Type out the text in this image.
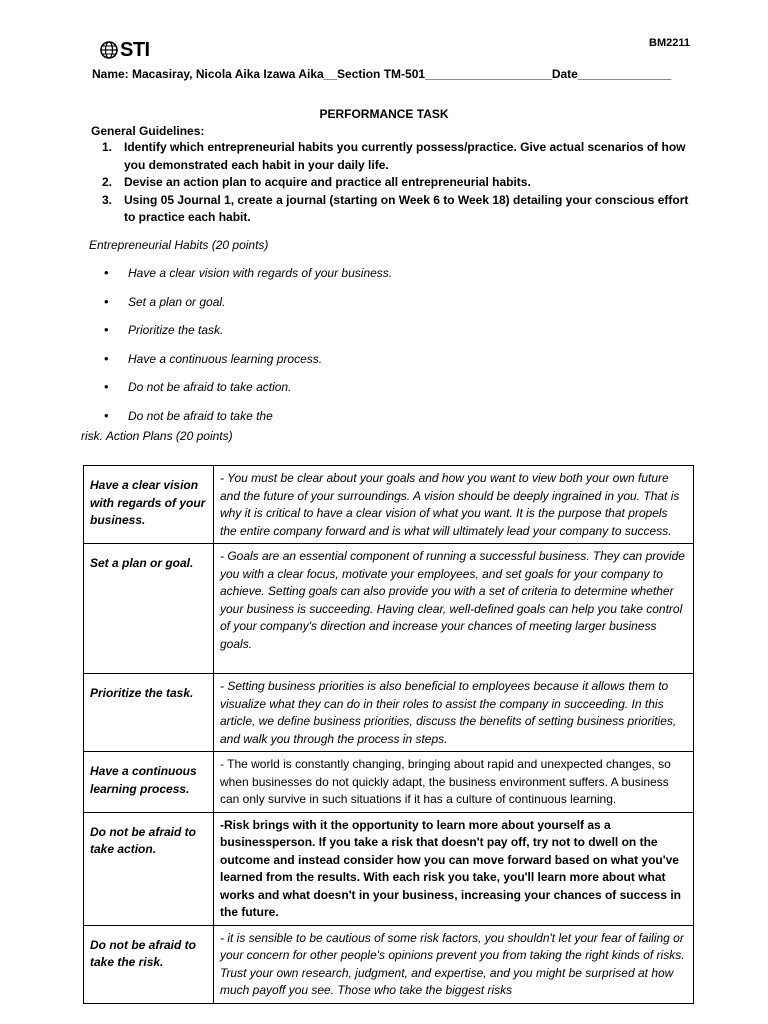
STI	BM2211
Name: Macasiray, Nicola Aika Izawa Aika__Section TM-501___________________Date______________
PERFORMANCE TASK
General Guidelines:
1. Identify which entrepreneurial habits you currently possess/practice. Give actual scenarios of how you demonstrated each habit in your daily life.
2. Devise an action plan to acquire and practice all entrepreneurial habits.
3. Using 05 Journal 1, create a journal (starting on Week 6 to Week 18) detailing your conscious effort to practice each habit.
Entrepreneurial Habits (20 points)
• Have a clear vision with regards of your business.
• Set a plan or goal.
• Prioritize the task.
• Have a continuous learning process.
• Do not be afraid to take action.
• Do not be afraid to take the
risk. Action Plans (20 points)
Have a clear vision with regards of your business.	- You must be clear about your goals and how you want to view both your own future and the future of your surroundings. A vision should be deeply ingrained in you. That is why it is critical to have a clear vision of what you want. It is the purpose that propels the entire company forward and is what will ultimately lead your company to success.
Set a plan or goal.	- Goals are an essential component of running a successful business. They can provide you with a clear focus, motivate your employees, and set goals for your company to achieve. Setting goals can also provide you with a set of criteria to determine whether your business is succeeding. Having clear, well-defined goals can help you take control of your company's direction and increase your chances of meeting larger business goals.
Prioritize the task.	- Setting business priorities is also beneficial to employees because it allows them to visualize what they can do in their roles to assist the company in succeeding. In this article, we define business priorities, discuss the benefits of setting business priorities, and walk you through the process in steps.
Have a continuous learning process.	- The world is constantly changing, bringing about rapid and unexpected changes, so when businesses do not quickly adapt, the business environment suffers. A business can only survive in such situations if it has a culture of continuous learning.
Do not be afraid to take action.	-Risk brings with it the opportunity to learn more about yourself as a businessperson. If you take a risk that doesn't pay off, try not to dwell on the outcome and instead consider how you can move forward based on what you've learned from the results. With each risk you take, you'll learn more about what works and what doesn't in your business, increasing your chances of success in the future.
Do not be afraid to take the risk.	- it is sensible to be cautious of some risk factors, you shouldn't let your fear of failing or your concern for other people's opinions prevent you from taking the right kinds of risks. Trust your own research, judgment, and expertise, and you might be surprised at how much payoff you see. Those who take the biggest risks
